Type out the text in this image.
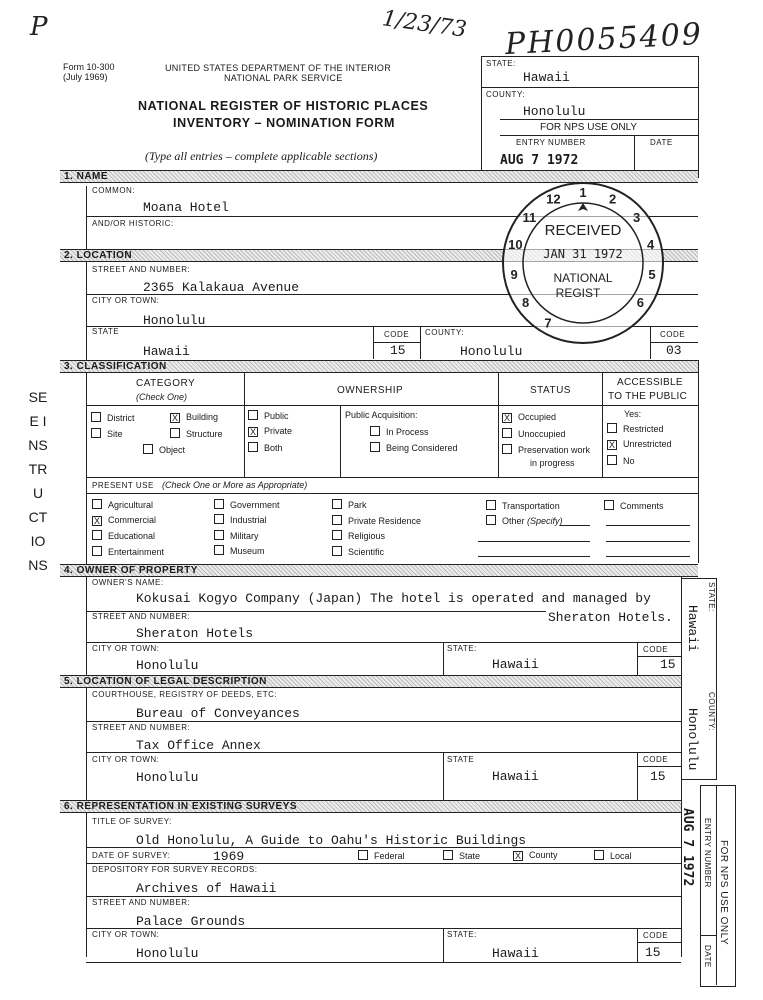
P	1/23/73 PH0055409
Form 10-300
(July 1969)
UNITED STATES DEPARTMENT OF THE INTERIOR
NATIONAL PARK SERVICE
NATIONAL REGISTER OF HISTORIC PLACES
INVENTORY – NOMINATION FORM
(Type all entries – complete applicable sections)
STATE:
Hawaii
COUNTY:
Honolulu
FOR NPS USE ONLY
ENTRY NUMBER	DATE
AUG 7 1972
SEE INSTRUCTIONS
1. NAME
COMMON:
Moana Hotel
AND/OR HISTORIC:
2. LOCATION
STREET AND NUMBER:
2365 Kalakaua Avenue
CITY OR TOWN:
Honolulu
STATE
Hawaii
CODE
15
COUNTY:
Honolulu
CODE
03
7
8
9
10
11
12 1 2
3
4
5
6
RECEIVED
JAN 31 1972
NATIONAL
REGIST
3. CLASSIFICATION
CATEGORY
(Check One)
OWNERSHIP	STATUS
ACCESSIBLE
TO THE PUBLIC
District	X Building
Site	Structure
Object
Public
X Private
Both
Public Acquisition:
In Process
Being Considered
X Occupied
Unoccupied
Preservation work
in progress
Yes:
Restricted
X Unrestricted
No
PRESENT USE (Check One or More as Appropriate)
Agricultural
X Commercial
Educational
Entertainment
Government
Industrial
Military
Museum
Park
Private Residence
Religious
Scientific
Transportation
Other (Specify)
Comments
4. OWNER OF PROPERTY
OWNER'S NAME:
Kokusai Kogyo Company (Japan) The hotel is operated and managed by
Sheraton Hotels.
STREET AND NUMBER:
Sheraton Hotels
CITY OR TOWN:
Honolulu
STATE:
Hawaii
CODE
15
5. LOCATION OF LEGAL DESCRIPTION
COURTHOUSE, REGISTRY OF DEEDS, ETC:
Bureau of Conveyances
STREET AND NUMBER:
Tax Office Annex
CITY OR TOWN:
Honolulu
STATE
Hawaii
CODE
15
6. REPRESENTATION IN EXISTING SURVEYS
TITLE OF SURVEY:
Old Honolulu, A Guide to Oahu's Historic Buildings
DATE OF SURVEY:	1969	Federal	State	X County	Local
DEPOSITORY FOR SURVEY RECORDS:
Archives of Hawaii
STREET AND NUMBER:
Palace Grounds
CITY OR TOWN:
Honolulu
STATE:
Hawaii
CODE
15
STATE:
Hawaii
COUNTY:
Honolulu
FOR NPS USE ONLY
ENTRY NUMBER
DATE
AUG 7 1972
